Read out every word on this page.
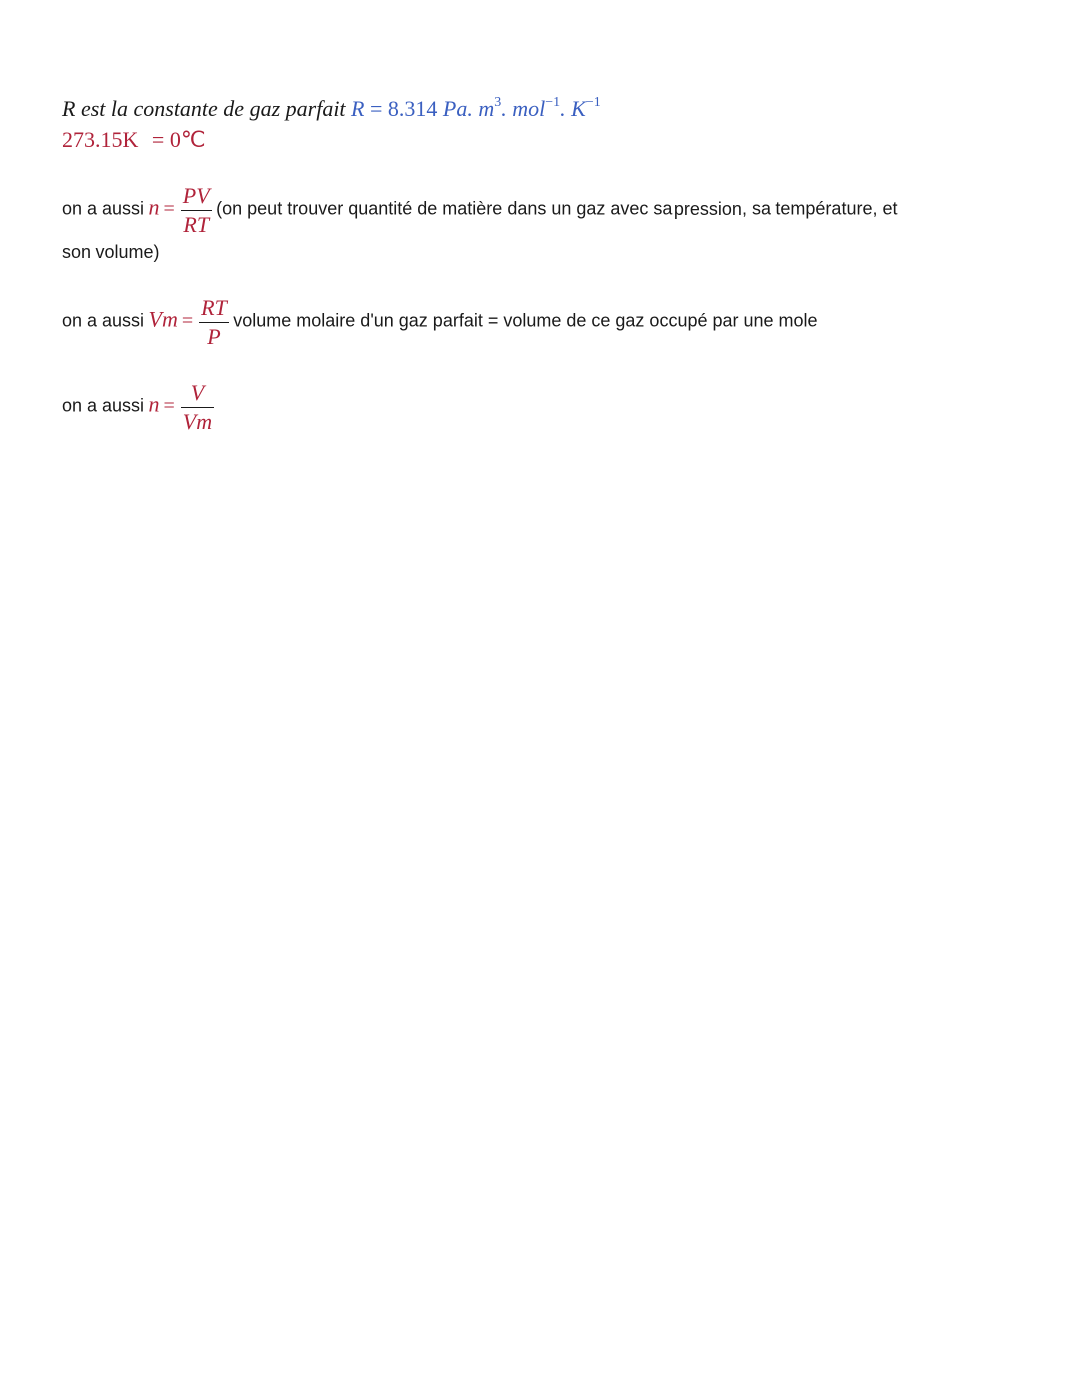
R est la constante de gaz parfait R = 8.314 Pa. $m^3$. mol$^{-1}$. $K^{-1}$
273.15K = 0℃
on a aussi $n = \frac{PV}{RT} (on$ peut trouver quantité de matière dans un gaz avec sa pression, sa température, et
son volume)
on a aussi $Vm = \frac{RT}{P}$ volume molaire d'un gaz parfait = volume de ce gaz occupé par une mole
on a aussi $n = \frac{V}{Vm}$
